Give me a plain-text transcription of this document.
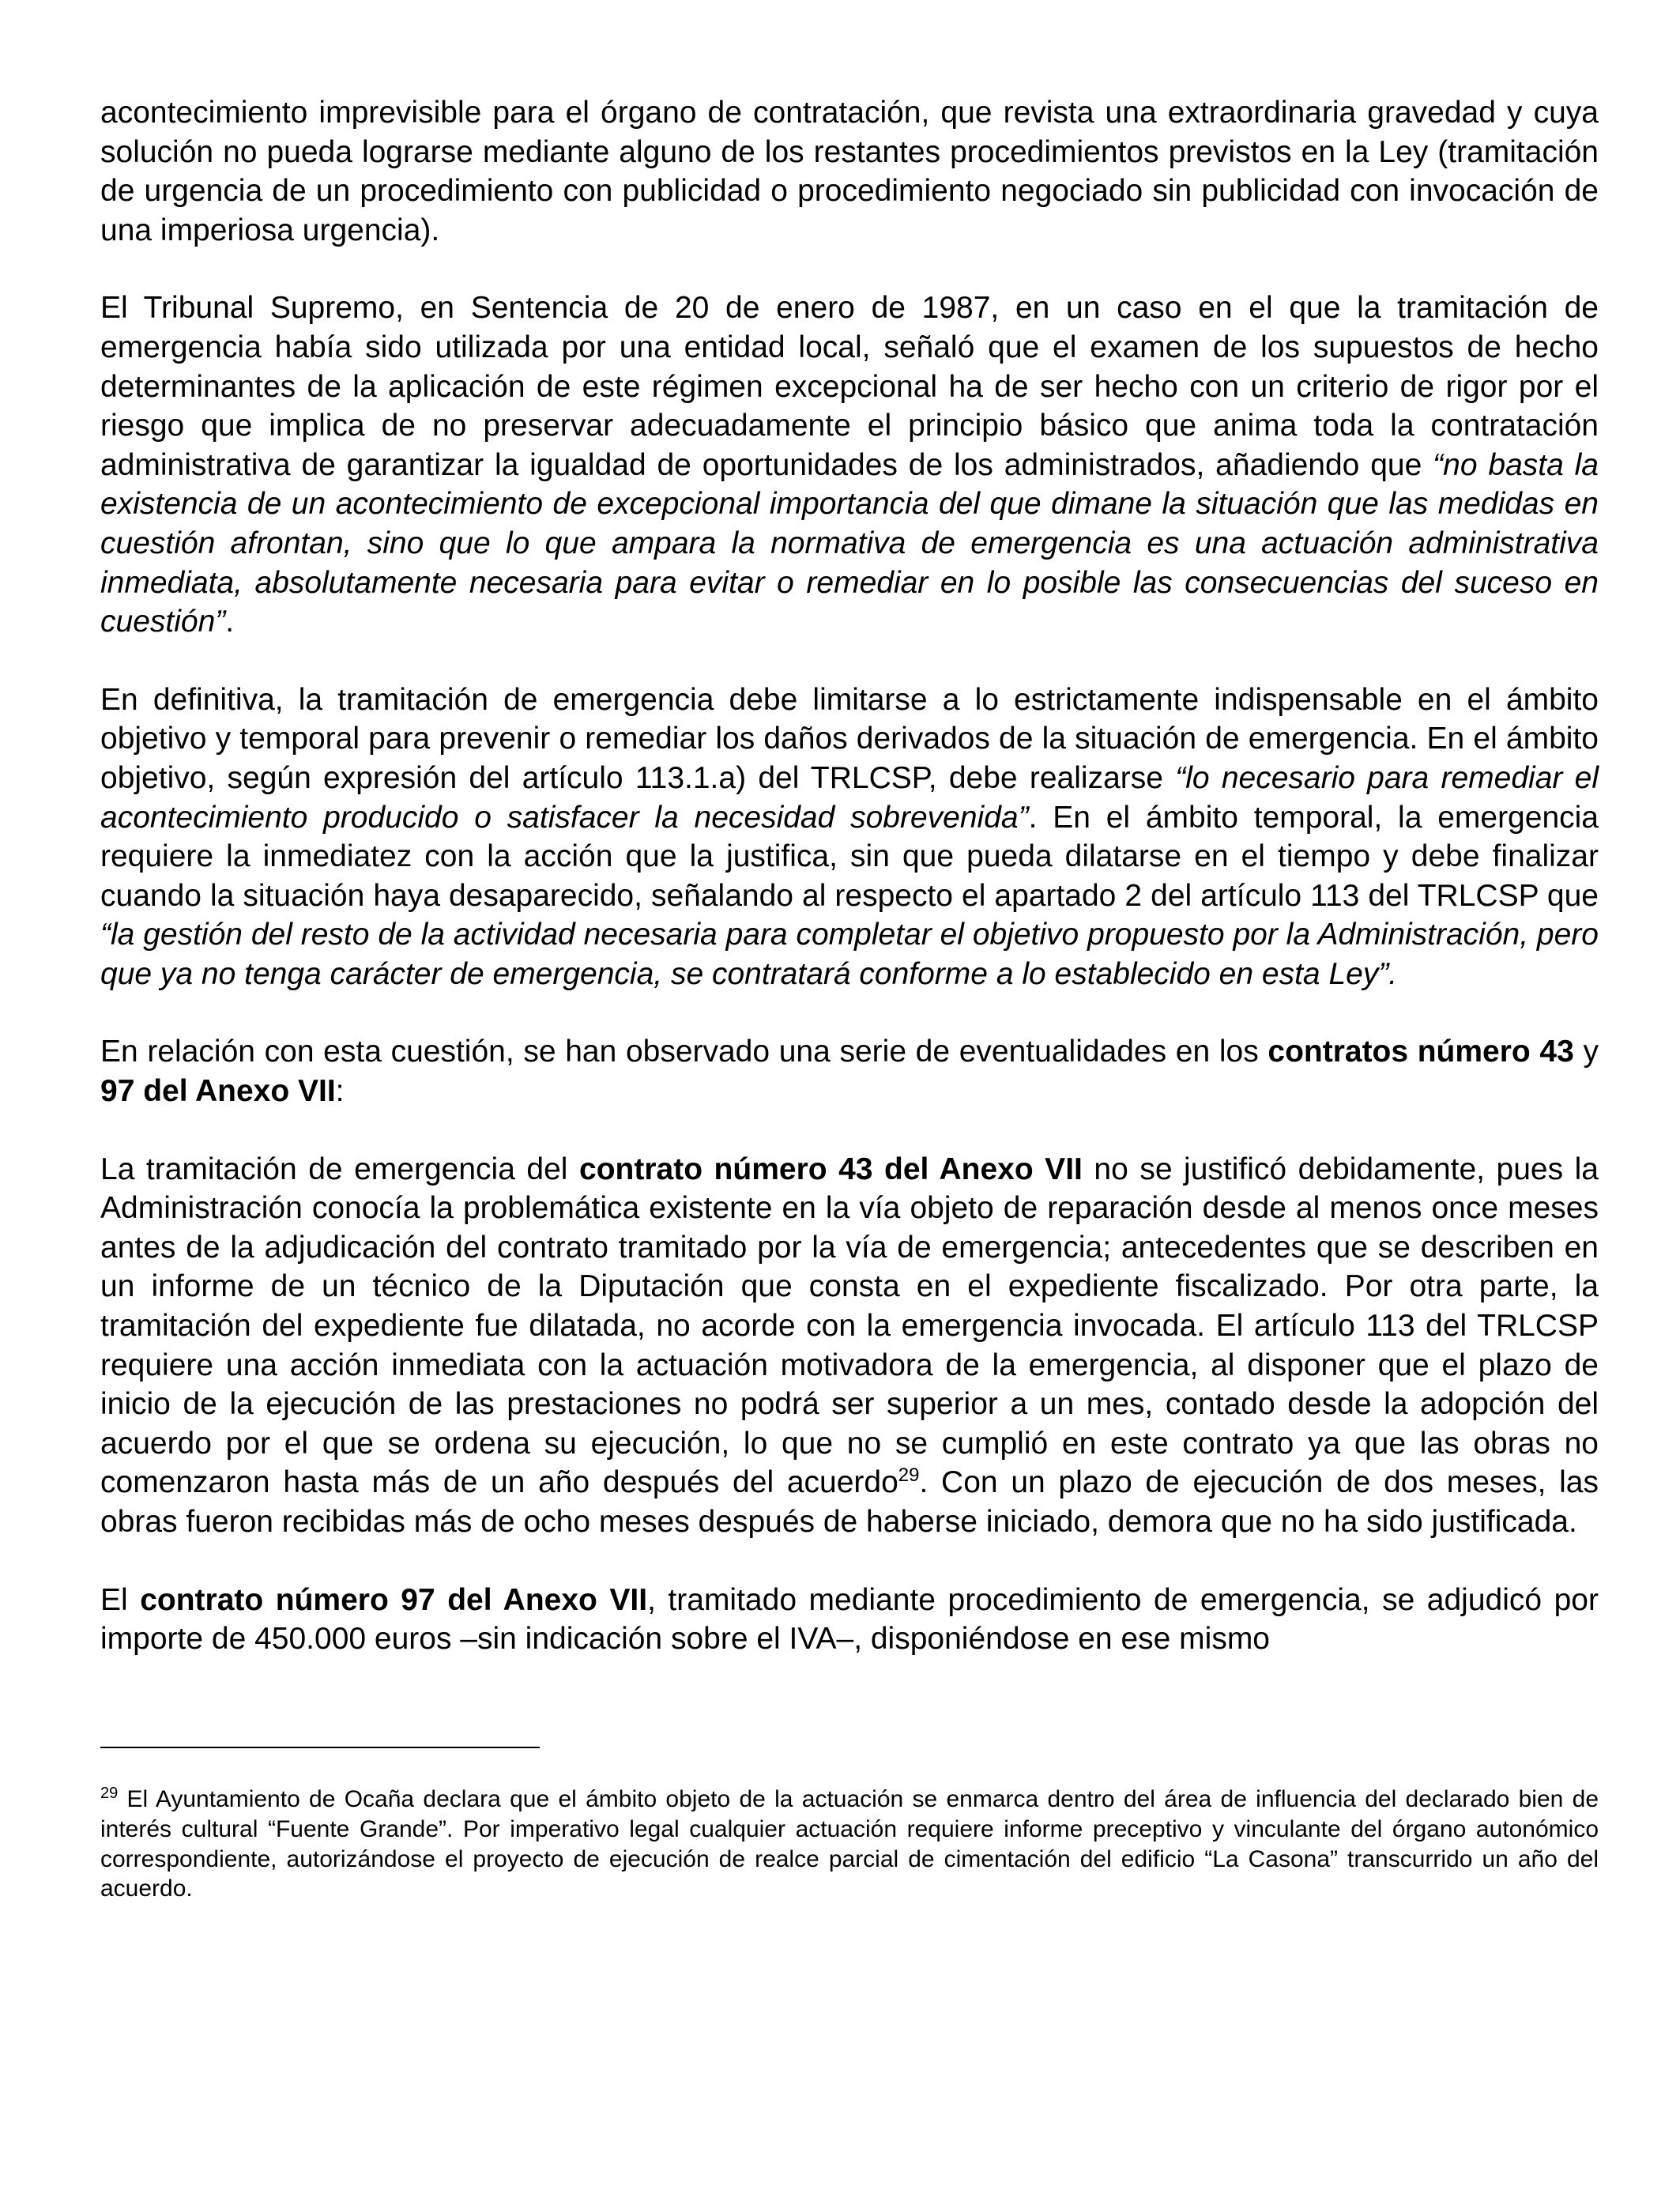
acontecimiento imprevisible para el órgano de contratación, que revista una extraordinaria gravedad y cuya solución no pueda lograrse mediante alguno de los restantes procedimientos previstos en la Ley (tramitación de urgencia de un procedimiento con publicidad o procedimiento negociado sin publicidad con invocación de una imperiosa urgencia).

El Tribunal Supremo, en Sentencia de 20 de enero de 1987, en un caso en el que la tramitación de emergencia había sido utilizada por una entidad local, señaló que el examen de los supuestos de hecho determinantes de la aplicación de este régimen excepcional ha de ser hecho con un criterio de rigor por el riesgo que implica de no preservar adecuadamente el principio básico que anima toda la contratación administrativa de garantizar la igualdad de oportunidades de los administrados, añadiendo que “no basta la existencia de un acontecimiento de excepcional importancia del que dimane la situación que las medidas en cuestión afrontan, sino que lo que ampara la normativa de emergencia es una actuación administrativa inmediata, absolutamente necesaria para evitar o remediar en lo posible las consecuencias del suceso en cuestión”.

En definitiva, la tramitación de emergencia debe limitarse a lo estrictamente indispensable en el ámbito objetivo y temporal para prevenir o remediar los daños derivados de la situación de emergencia. En el ámbito objetivo, según expresión del artículo 113.1.a) del TRLCSP, debe realizarse “lo necesario para remediar el acontecimiento producido o satisfacer la necesidad sobrevenida”. En el ámbito temporal, la emergencia requiere la inmediatez con la acción que la justifica, sin que pueda dilatarse en el tiempo y debe finalizar cuando la situación haya desaparecido, señalando al respecto el apartado 2 del artículo 113 del TRLCSP que “la gestión del resto de la actividad necesaria para completar el objetivo propuesto por la Administración, pero que ya no tenga carácter de emergencia, se contratará conforme a lo establecido en esta Ley”.

En relación con esta cuestión, se han observado una serie de eventualidades en los contratos número 43 y 97 del Anexo VII:

La tramitación de emergencia del contrato número 43 del Anexo VII no se justificó debidamente, pues la Administración conocía la problemática existente en la vía objeto de reparación desde al menos once meses antes de la adjudicación del contrato tramitado por la vía de emergencia; antecedentes que se describen en un informe de un técnico de la Diputación que consta en el expediente fiscalizado. Por otra parte, la tramitación del expediente fue dilatada, no acorde con la emergencia invocada. El artículo 113 del TRLCSP requiere una acción inmediata con la actuación motivadora de la emergencia, al disponer que el plazo de inicio de la ejecución de las prestaciones no podrá ser superior a un mes, contado desde la adopción del acuerdo por el que se ordena su ejecución, lo que no se cumplió en este contrato ya que las obras no comenzaron hasta más de un año después del acuerdo$^{29}$. Con un plazo de ejecución de dos meses, las obras fueron recibidas más de ocho meses después de haberse iniciado, demora que no ha sido justificada.

El contrato número 97 del Anexo VII, tramitado mediante procedimiento de emergencia, se adjudicó por importe de 450.000 euros –sin indicación sobre el IVA–, disponiéndose en ese mismo

$^{29}$ El Ayuntamiento de Ocaña declara que el ámbito objeto de la actuación se enmarca dentro del área de influencia del declarado bien de interés cultural “Fuente Grande”. Por imperativo legal cualquier actuación requiere informe preceptivo y vinculante del órgano autonómico correspondiente, autorizándose el proyecto de ejecución de realce parcial de cimentación del edificio “La Casona” transcurrido un año del acuerdo.
